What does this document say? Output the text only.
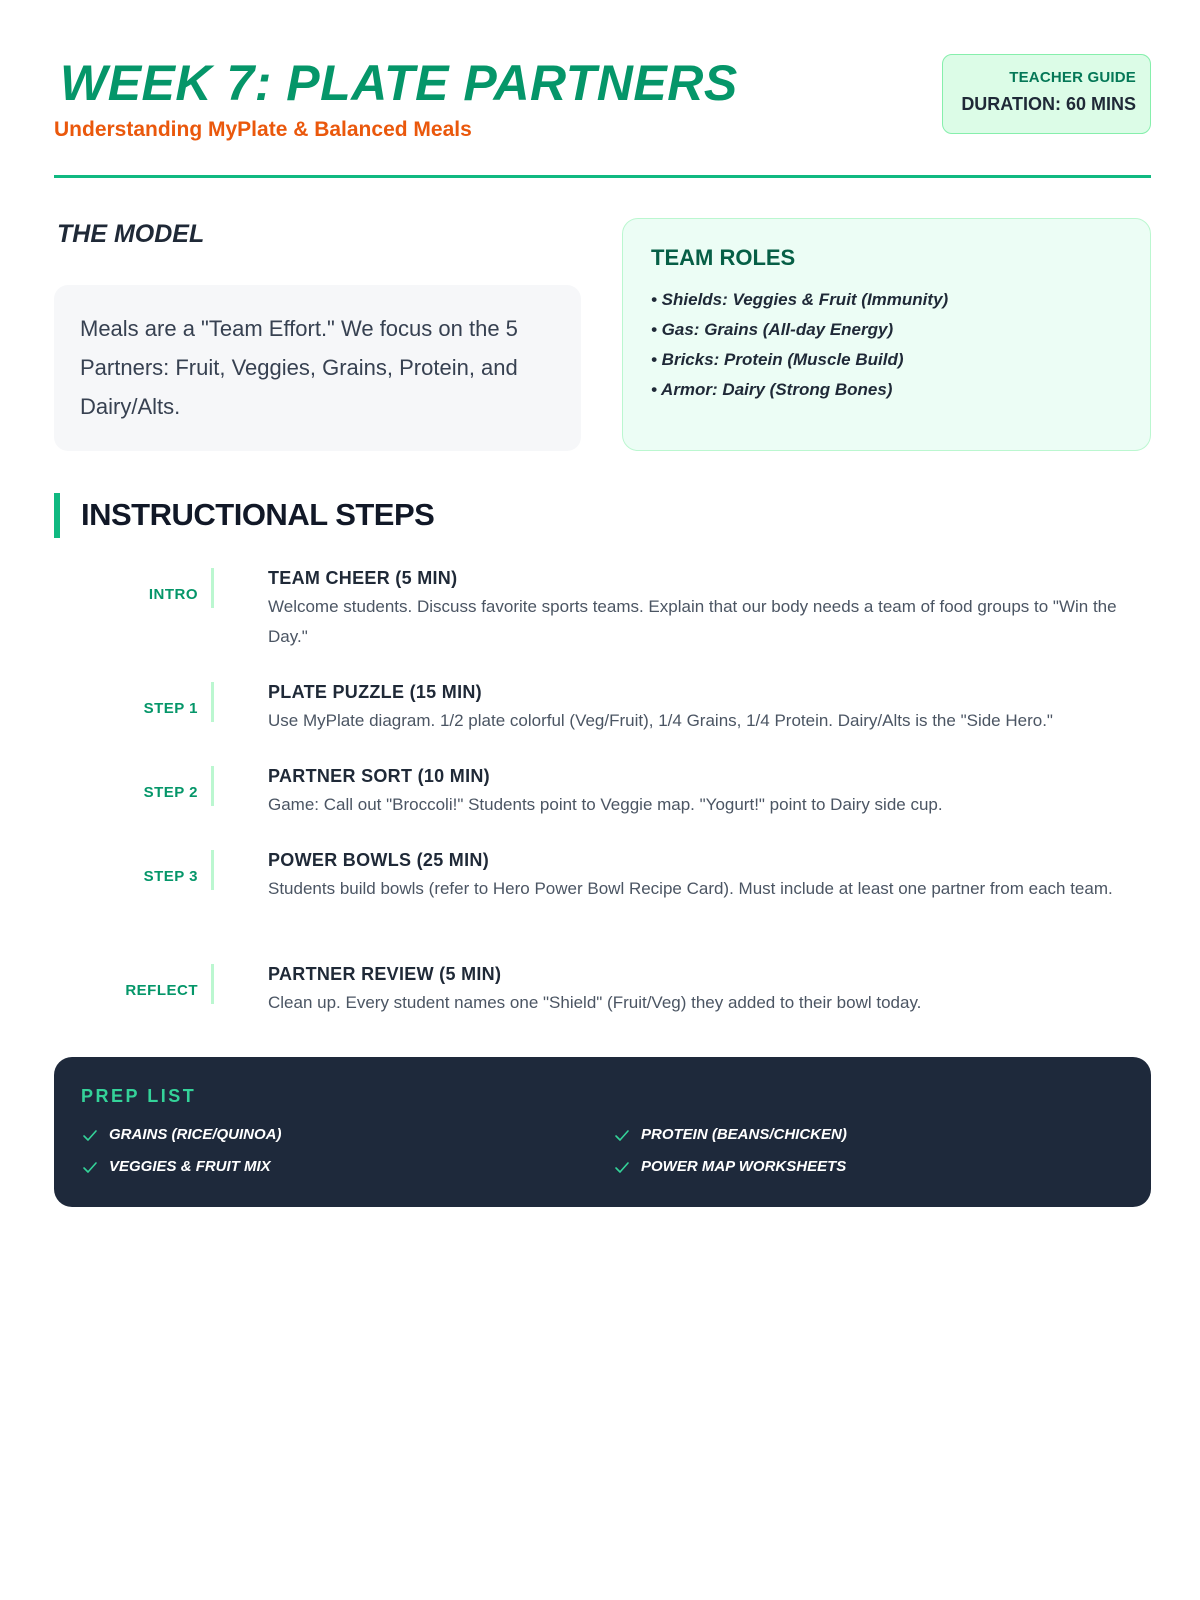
WEEK 7: PLATE PARTNERS
Understanding MyPlate & Balanced Meals
TEACHER GUIDE
DURATION: 60 MINS
THE MODEL
Meals are a "Team Effort." We focus on the 5 Partners: Fruit, Veggies, Grains, Protein, and Dairy/Alts.
TEAM ROLES
• Shields: Veggies & Fruit (Immunity)
• Gas: Grains (All-day Energy)
• Bricks: Protein (Muscle Build)
• Armor: Dairy (Strong Bones)
INSTRUCTIONAL STEPS
INTRO
TEAM CHEER (5 MIN)
Welcome students. Discuss favorite sports teams. Explain that our body needs a team of food groups to "Win the Day."
STEP 1
PLATE PUZZLE (15 MIN)
Use MyPlate diagram. 1/2 plate colorful (Veg/Fruit), 1/4 Grains, 1/4 Protein. Dairy/Alts is the "Side Hero."
STEP 2
PARTNER SORT (10 MIN)
Game: Call out "Broccoli!" Students point to Veggie map. "Yogurt!" point to Dairy side cup.
STEP 3
POWER BOWLS (25 MIN)
Students build bowls (refer to Hero Power Bowl Recipe Card). Must include at least one partner from each team.
REFLECT
PARTNER REVIEW (5 MIN)
Clean up. Every student names one "Shield" (Fruit/Veg) they added to their bowl today.
PREP LIST
GRAINS (RICE/QUINOA)
VEGGIES & FRUIT MIX
PROTEIN (BEANS/CHICKEN)
POWER MAP WORKSHEETS
